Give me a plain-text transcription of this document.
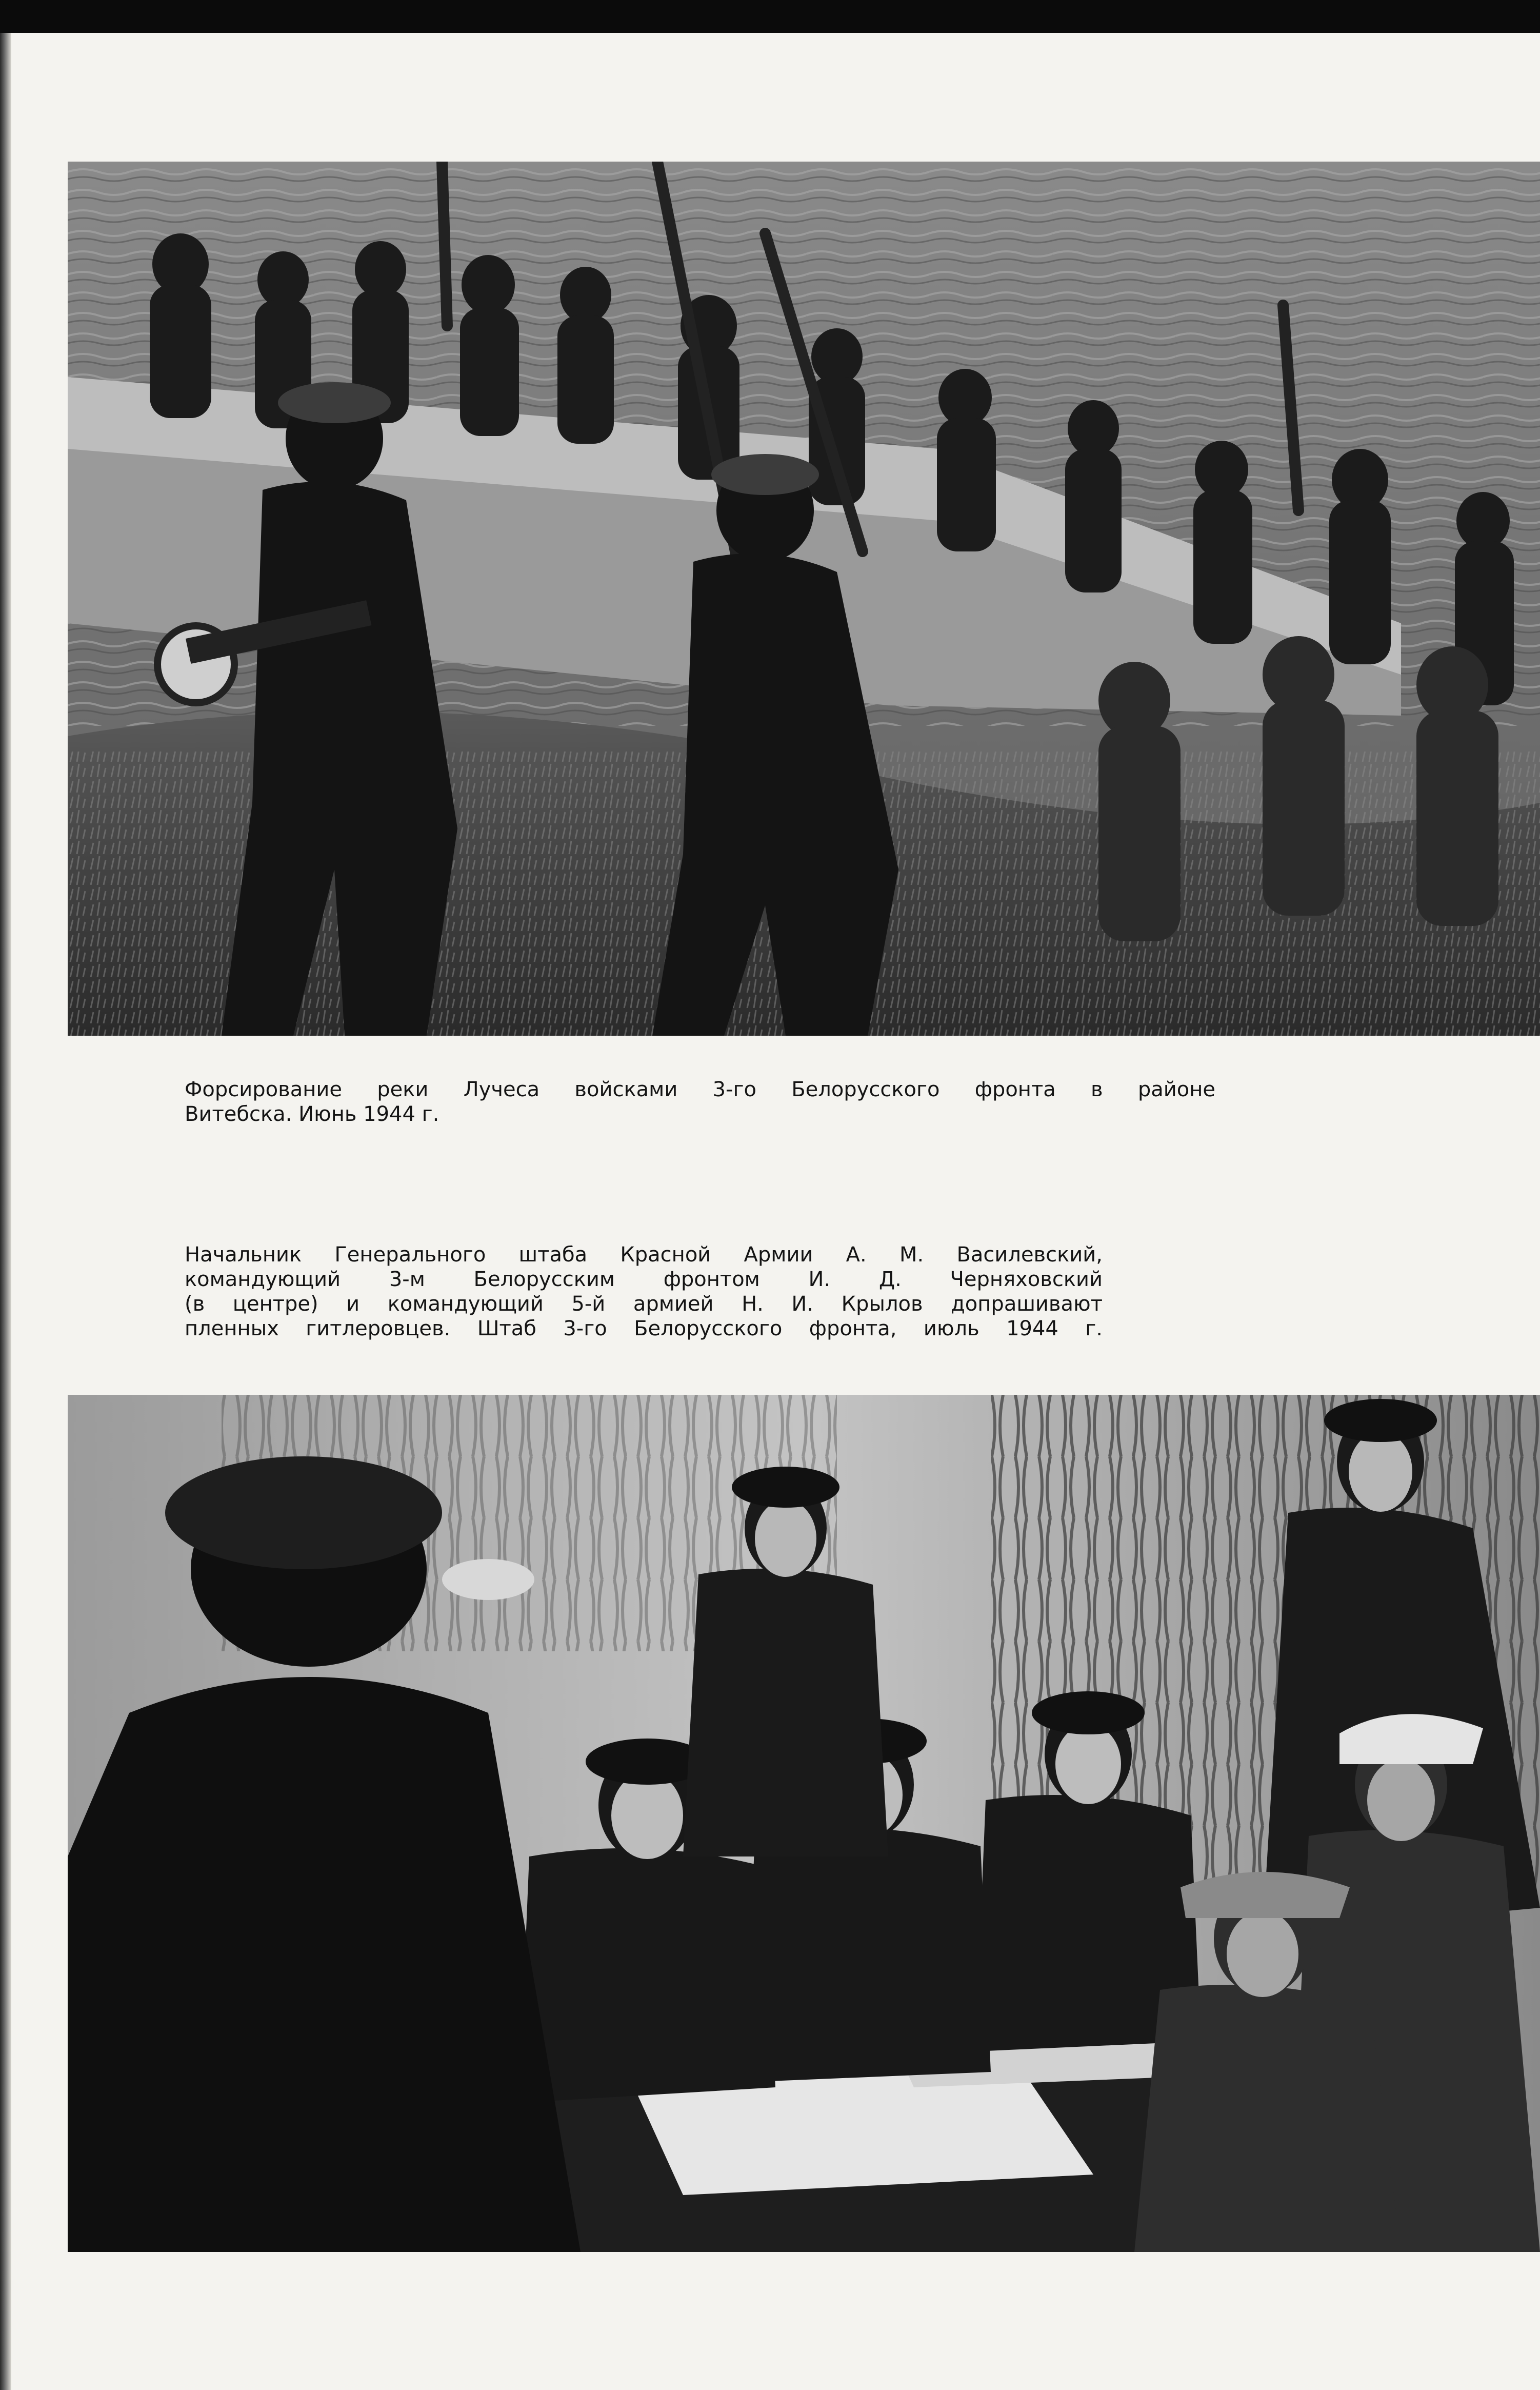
Форсирование реки Лучеса войсками 3-го Белорусского фронта в районе
Витебска. Июнь 1944 г.

Начальник Генерального штаба Красной Армии А. М. Василевский,
командующий 3-м Белорусским фронтом И. Д. Черняховский
(в центре) и командующий 5-й армией Н. И. Крылов допрашивают
пленных гитлеровцев. Штаб 3-го Белорусского фронта, июль 1944 г.
